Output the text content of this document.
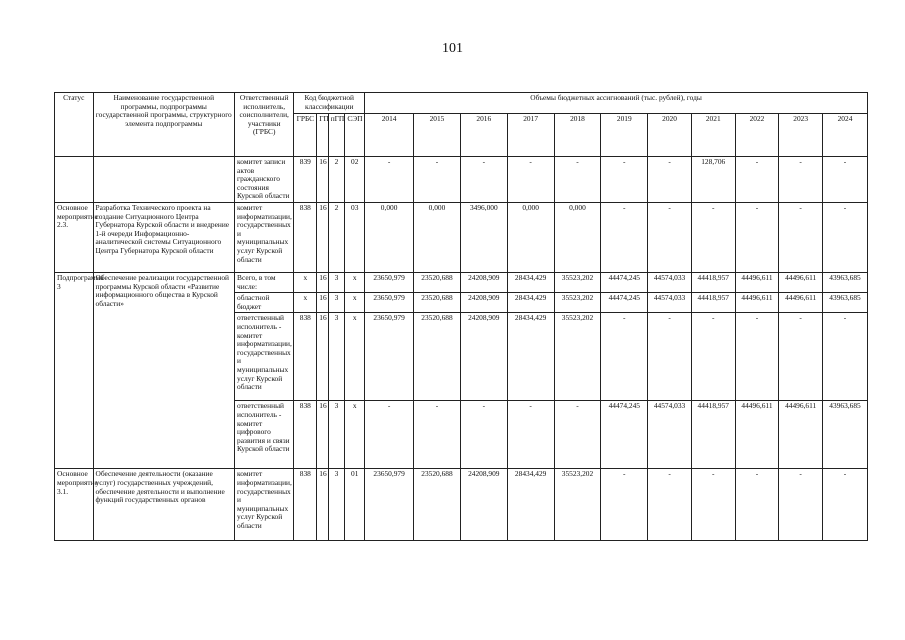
101
Статус	Наименование государственной программы, подпрограммы государственной программы, структурного элемента подпрограммы	Ответственный исполнитель, соисполнители, участники (ГРБС)	Код бюджетной классификации				Объемы бюджетных ассигнований (тыс. рублей), годы										
			ГРБС	ГП	пГП	СЭП	2014	2015	2016	2017	2018	2019	2020	2021	2022	2023	2024
		комитет записи актов гражданского состояния Курской области	839	16	2	02	-	-	-	-	-	-	-	128,706	-	-	-
Основное мероприятие 2.3.	Разработка Технического проекта на создание Ситуационного Центра Губернатора Курской области и внедрение 1-й очереди Информационно-аналитической системы Ситуационного Центра Губернатора Курской области	комитет информатизации, государственных и муниципальных услуг Курской области	838	16	2	03	0,000	0,000	3496,000	0,000	0,000	-	-	-	-	-	-
Подпрограмма 3	Обеспечение реализации государственной программы Курской области «Развитие информационного общества в Курской области»	Всего, в том числе:	х	16	3	х	23650,979	23520,688	24208,909	28434,429	35523,202	44474,245	44574,033	44418,957	44496,611	44496,611	43963,685
		областной бюджет	х	16	3	х	23650,979	23520,688	24208,909	28434,429	35523,202	44474,245	44574,033	44418,957	44496,611	44496,611	43963,685
		ответственный исполнитель - комитет информатизации, государственных и муниципальных услуг Курской области	838	16	3	х	23650,979	23520,688	24208,909	28434,429	35523,202	-	-	-	-	-	-
		ответственный исполнитель - комитет цифрового развития и связи Курской области	838	16	3	х	-	-	-	-	-	44474,245	44574,033	44418,957	44496,611	44496,611	43963,685
Основное мероприятие 3.1.	Обеспечение деятельности (оказание услуг) государственных учреждений, обеспечение деятельности и выполнение функций государственных органов	комитет информатизации, государственных и муниципальных услуг Курской области	838	16	3	01	23650,979	23520,688	24208,909	28434,429	35523,202	-	-	-	-	-	-
